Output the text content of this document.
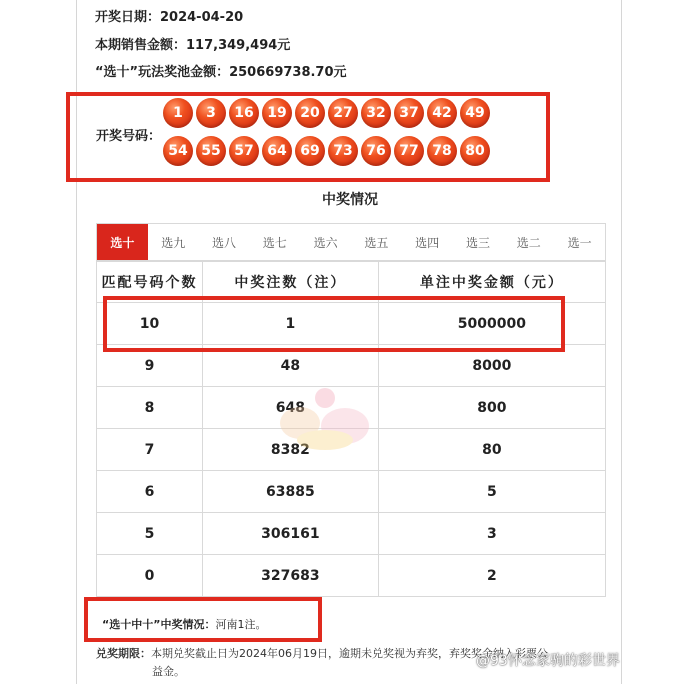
开奖日期：2024-04-20
本期销售金额：117,349,494元
“选十”玩法奖池金额：250669738.70元
开奖号码：
1	3	16 19 20 27 32 37 42 49
54 55 57 64 69 73 76 77 78 80
中奖情况
选十	选九	选八	选七	选六	选五	选四	选三	选二	选一
匹配号码个数	中奖注数（注）	单注中奖金额（元）
10	1	5000000
9	48	8000
8	648	800
7	8382	80
6	63885	5
5	306161	3
0	327683	2
“选十中十”中奖情况：河南1注。
兑奖期限：本期兑奖截止日为2024年06月19日，逾期未兑奖视为弃奖，弃奖奖金纳入彩票公
益金。
@93怀念家驹的彩世界
